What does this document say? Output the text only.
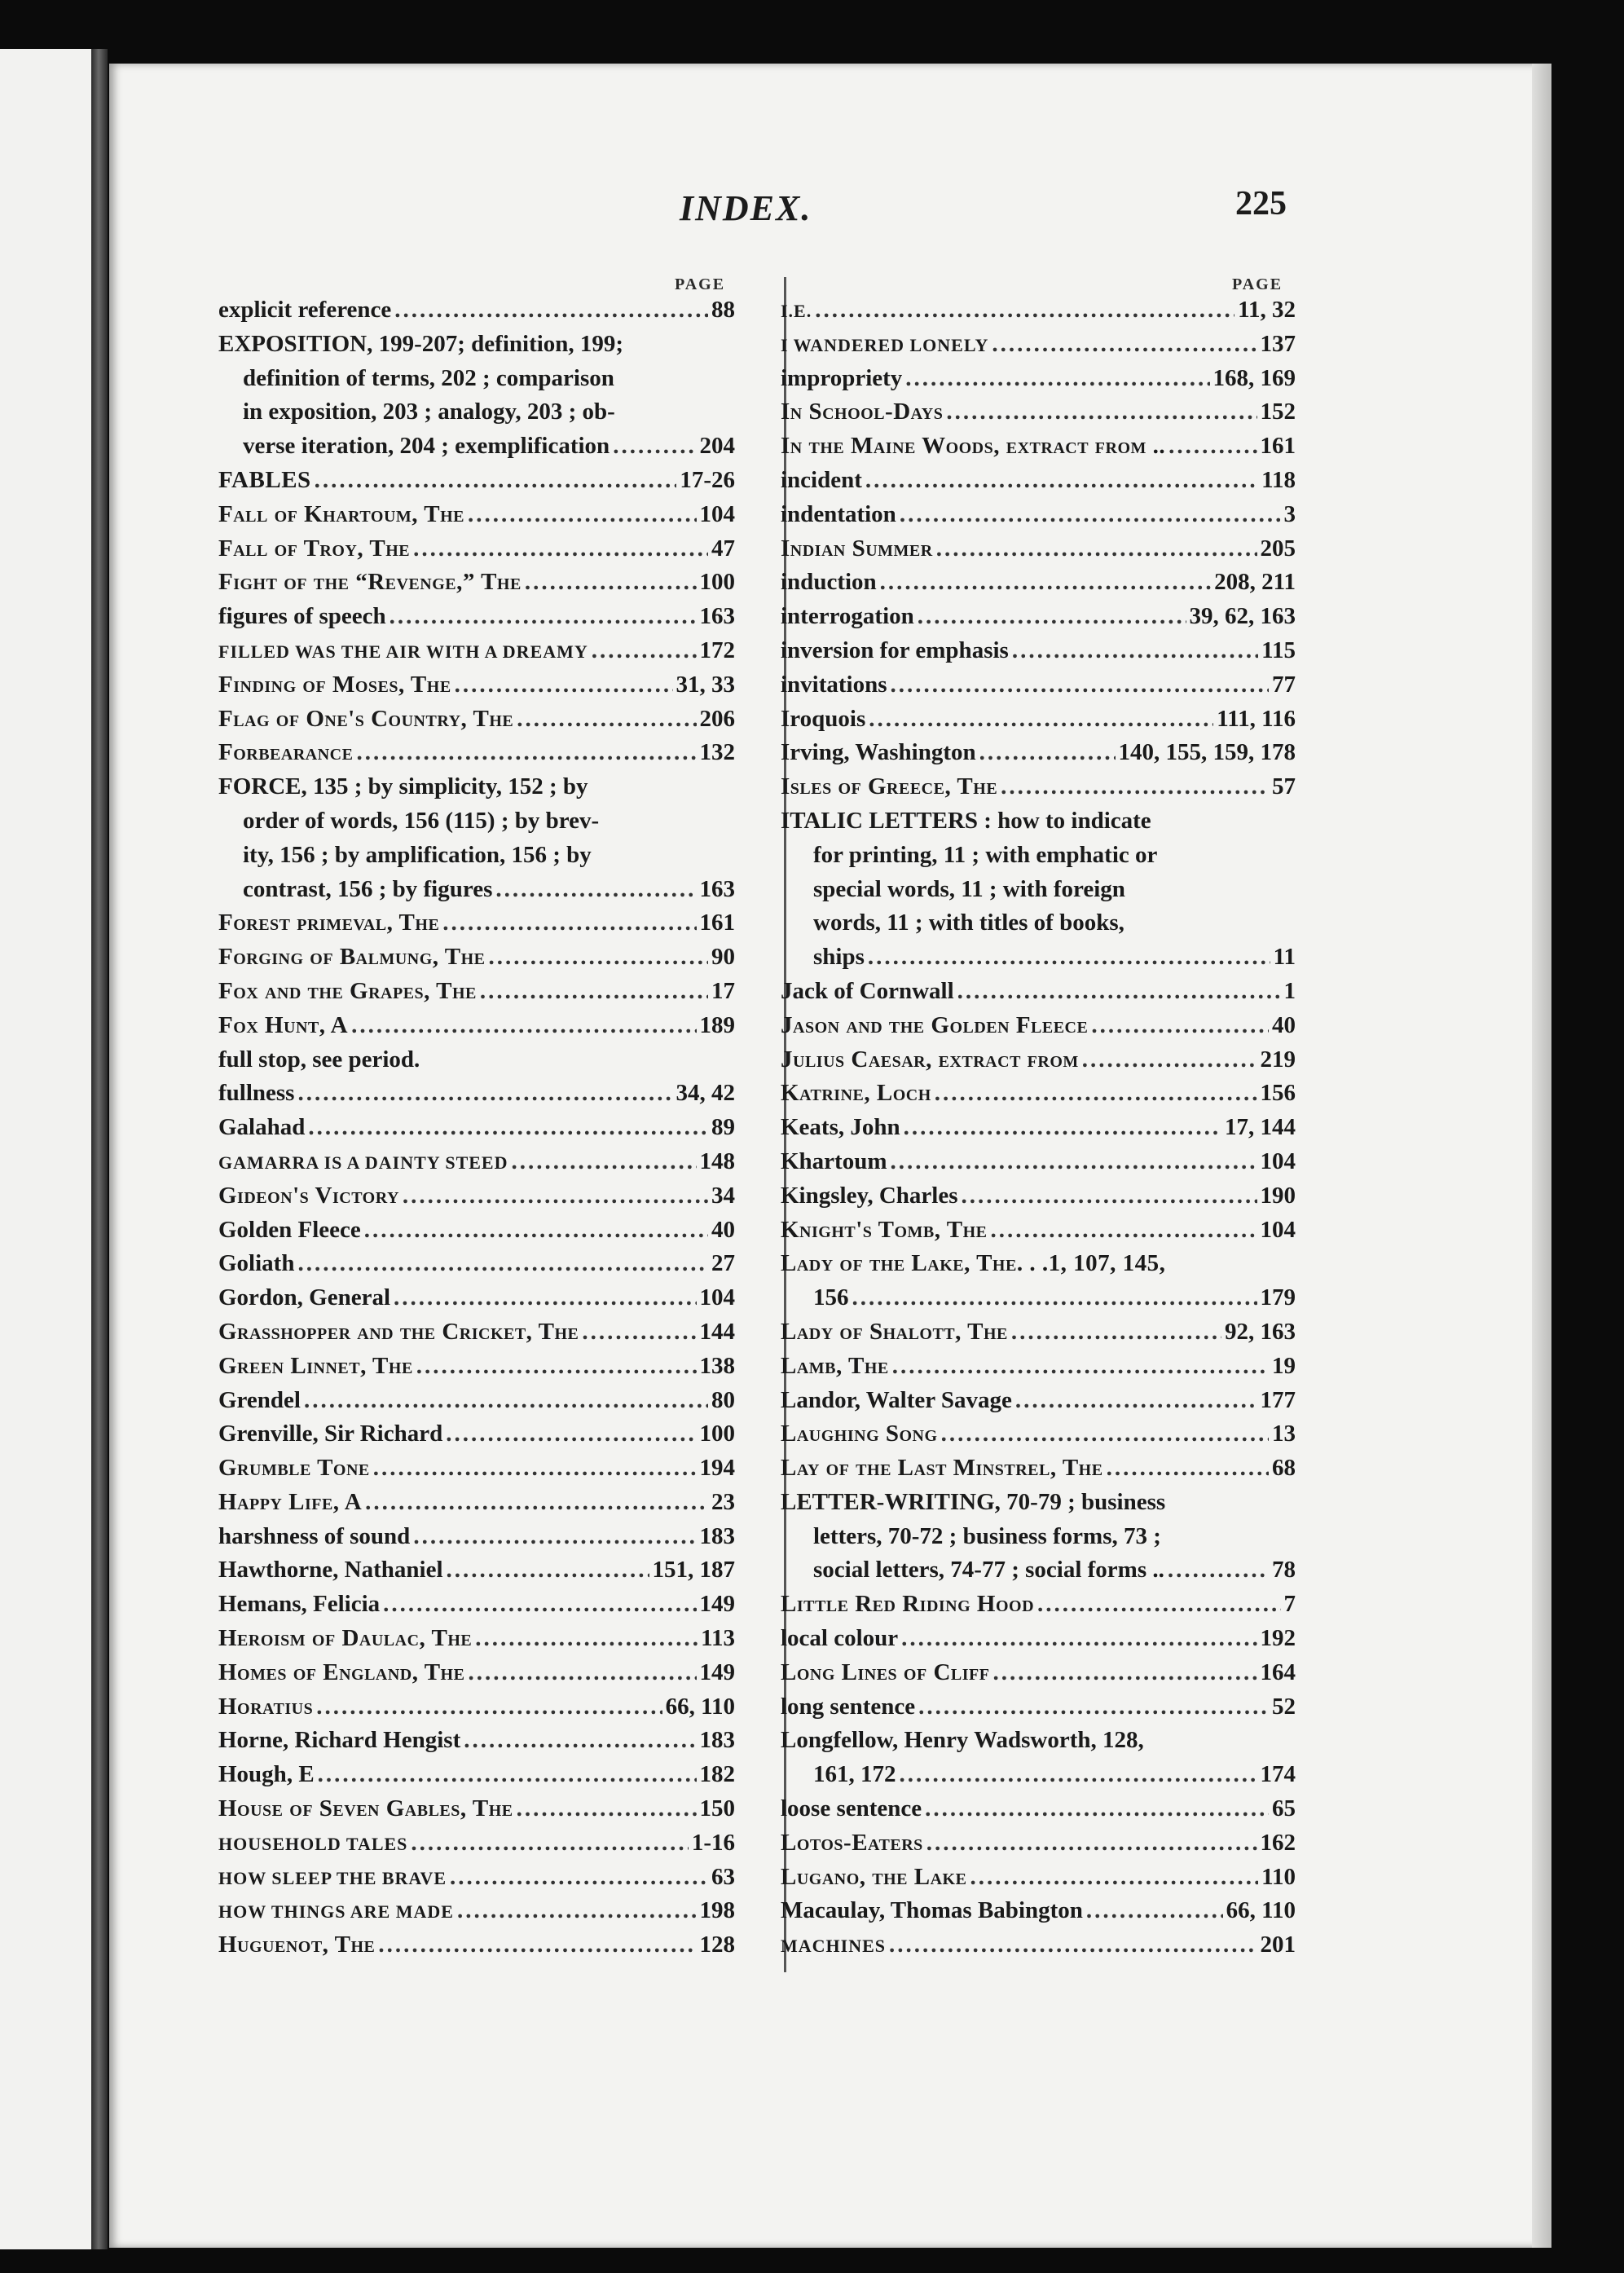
INDEX.	225
PAGE	PAGE
explicit reference .....	88
EXPOSITION, 199-207; definition, 199;
definition of terms, 202 ; comparison
in exposition, 203 ; analogy, 203 ; ob-
verse iteration, 204 ; exemplification .....	204
FABLES .....	17-26
Fall of Khartoum, The .....	104
Fall of Troy, The .....	47
Fight of the “Revenge,” The .....	100
figures of speech .....	163
FILLED WAS THE AIR WITH A DREAMY .....	172
Finding of Moses, The .....	31, 33
Flag of One's Country, The .....	206
Forbearance .....	132
FORCE, 135 ; by simplicity, 152 ; by
order of words, 156 (115) ; by brev-
ity, 156 ; by amplification, 156 ; by
contrast, 156 ; by figures .....	163
Forest primeval, The .....	161
Forging of Balmung, The .....	90
Fox and the Grapes, The .....	17
Fox Hunt, A .....	189
full stop, see period.
fullness .....	34, 42
Galahad .....	89
GAMARRA IS A DAINTY STEED .....	148
Gideon's Victory .....	34
Golden Fleece .....	40
Goliath .....	27
Gordon, General .....	104
Grasshopper and the Cricket, The .....	144
Green Linnet, The .....	138
Grendel .....	80
Grenville, Sir Richard .....	100
Grumble Tone .....	194
Happy Life, A .....	23
harshness of sound .....	183
Hawthorne, Nathaniel .....	151, 187
Hemans, Felicia .....	149
Heroism of Daulac, The .....	113
Homes of England, The .....	149
Horatius .....	66, 110
Horne, Richard Hengist .....	183
Hough, E .....	182
House of Seven Gables, The .....	150
HOUSEHOLD TALES .....	1-16
HOW SLEEP THE BRAVE .....	63
HOW THINGS ARE MADE .....	198
Huguenot, The .....	128
I.E. .....	11, 32
I WANDERED LONELY .....	137
impropriety .....	168, 169
In School-Days .....	152
In the Maine Woods, extract from .. .....	161
incident .....	118
indentation .....	3
Indian Summer .....	205
induction .....	208, 211
interrogation .....	39, 62, 163
inversion for emphasis .....	115
invitations .....	77
Iroquois .....	111, 116
Irving, Washington .....	140, 155, 159, 178
Isles of Greece, The .....	57
ITALIC LETTERS : how to indicate
for printing, 11 ; with emphatic or
special words, 11 ; with foreign
words, 11 ; with titles of books,
ships .....	11
Jack of Cornwall .....	1
Jason and the Golden Fleece .....	40
Julius Caesar, extract from .....	219
Katrine, Loch .....	156
Keats, John .....	17, 144
Khartoum .....	104
Kingsley, Charles .....	190
Knight's Tomb, The .....	104
Lady of the Lake, The. . .1, 107, 145,
156 .....	179
Lady of Shalott, The .....	92, 163
Lamb, The .....	19
Landor, Walter Savage .....	177
Laughing Song .....	13
Lay of the Last Minstrel, The .....	68
LETTER-WRITING, 70-79 ; business
letters, 70-72 ; business forms, 73 ;
social letters, 74-77 ; social forms .. .....	78
Little Red Riding Hood .....	7
local colour .....	192
Long Lines of Cliff .....	164
long sentence .....	52
Longfellow, Henry Wadsworth, 128,
161, 172 .....	174
loose sentence .....	65
Lotos-Eaters .....	162
Lugano, the Lake .....	110
Macaulay, Thomas Babington .....	66, 110
MACHINES .....	201
